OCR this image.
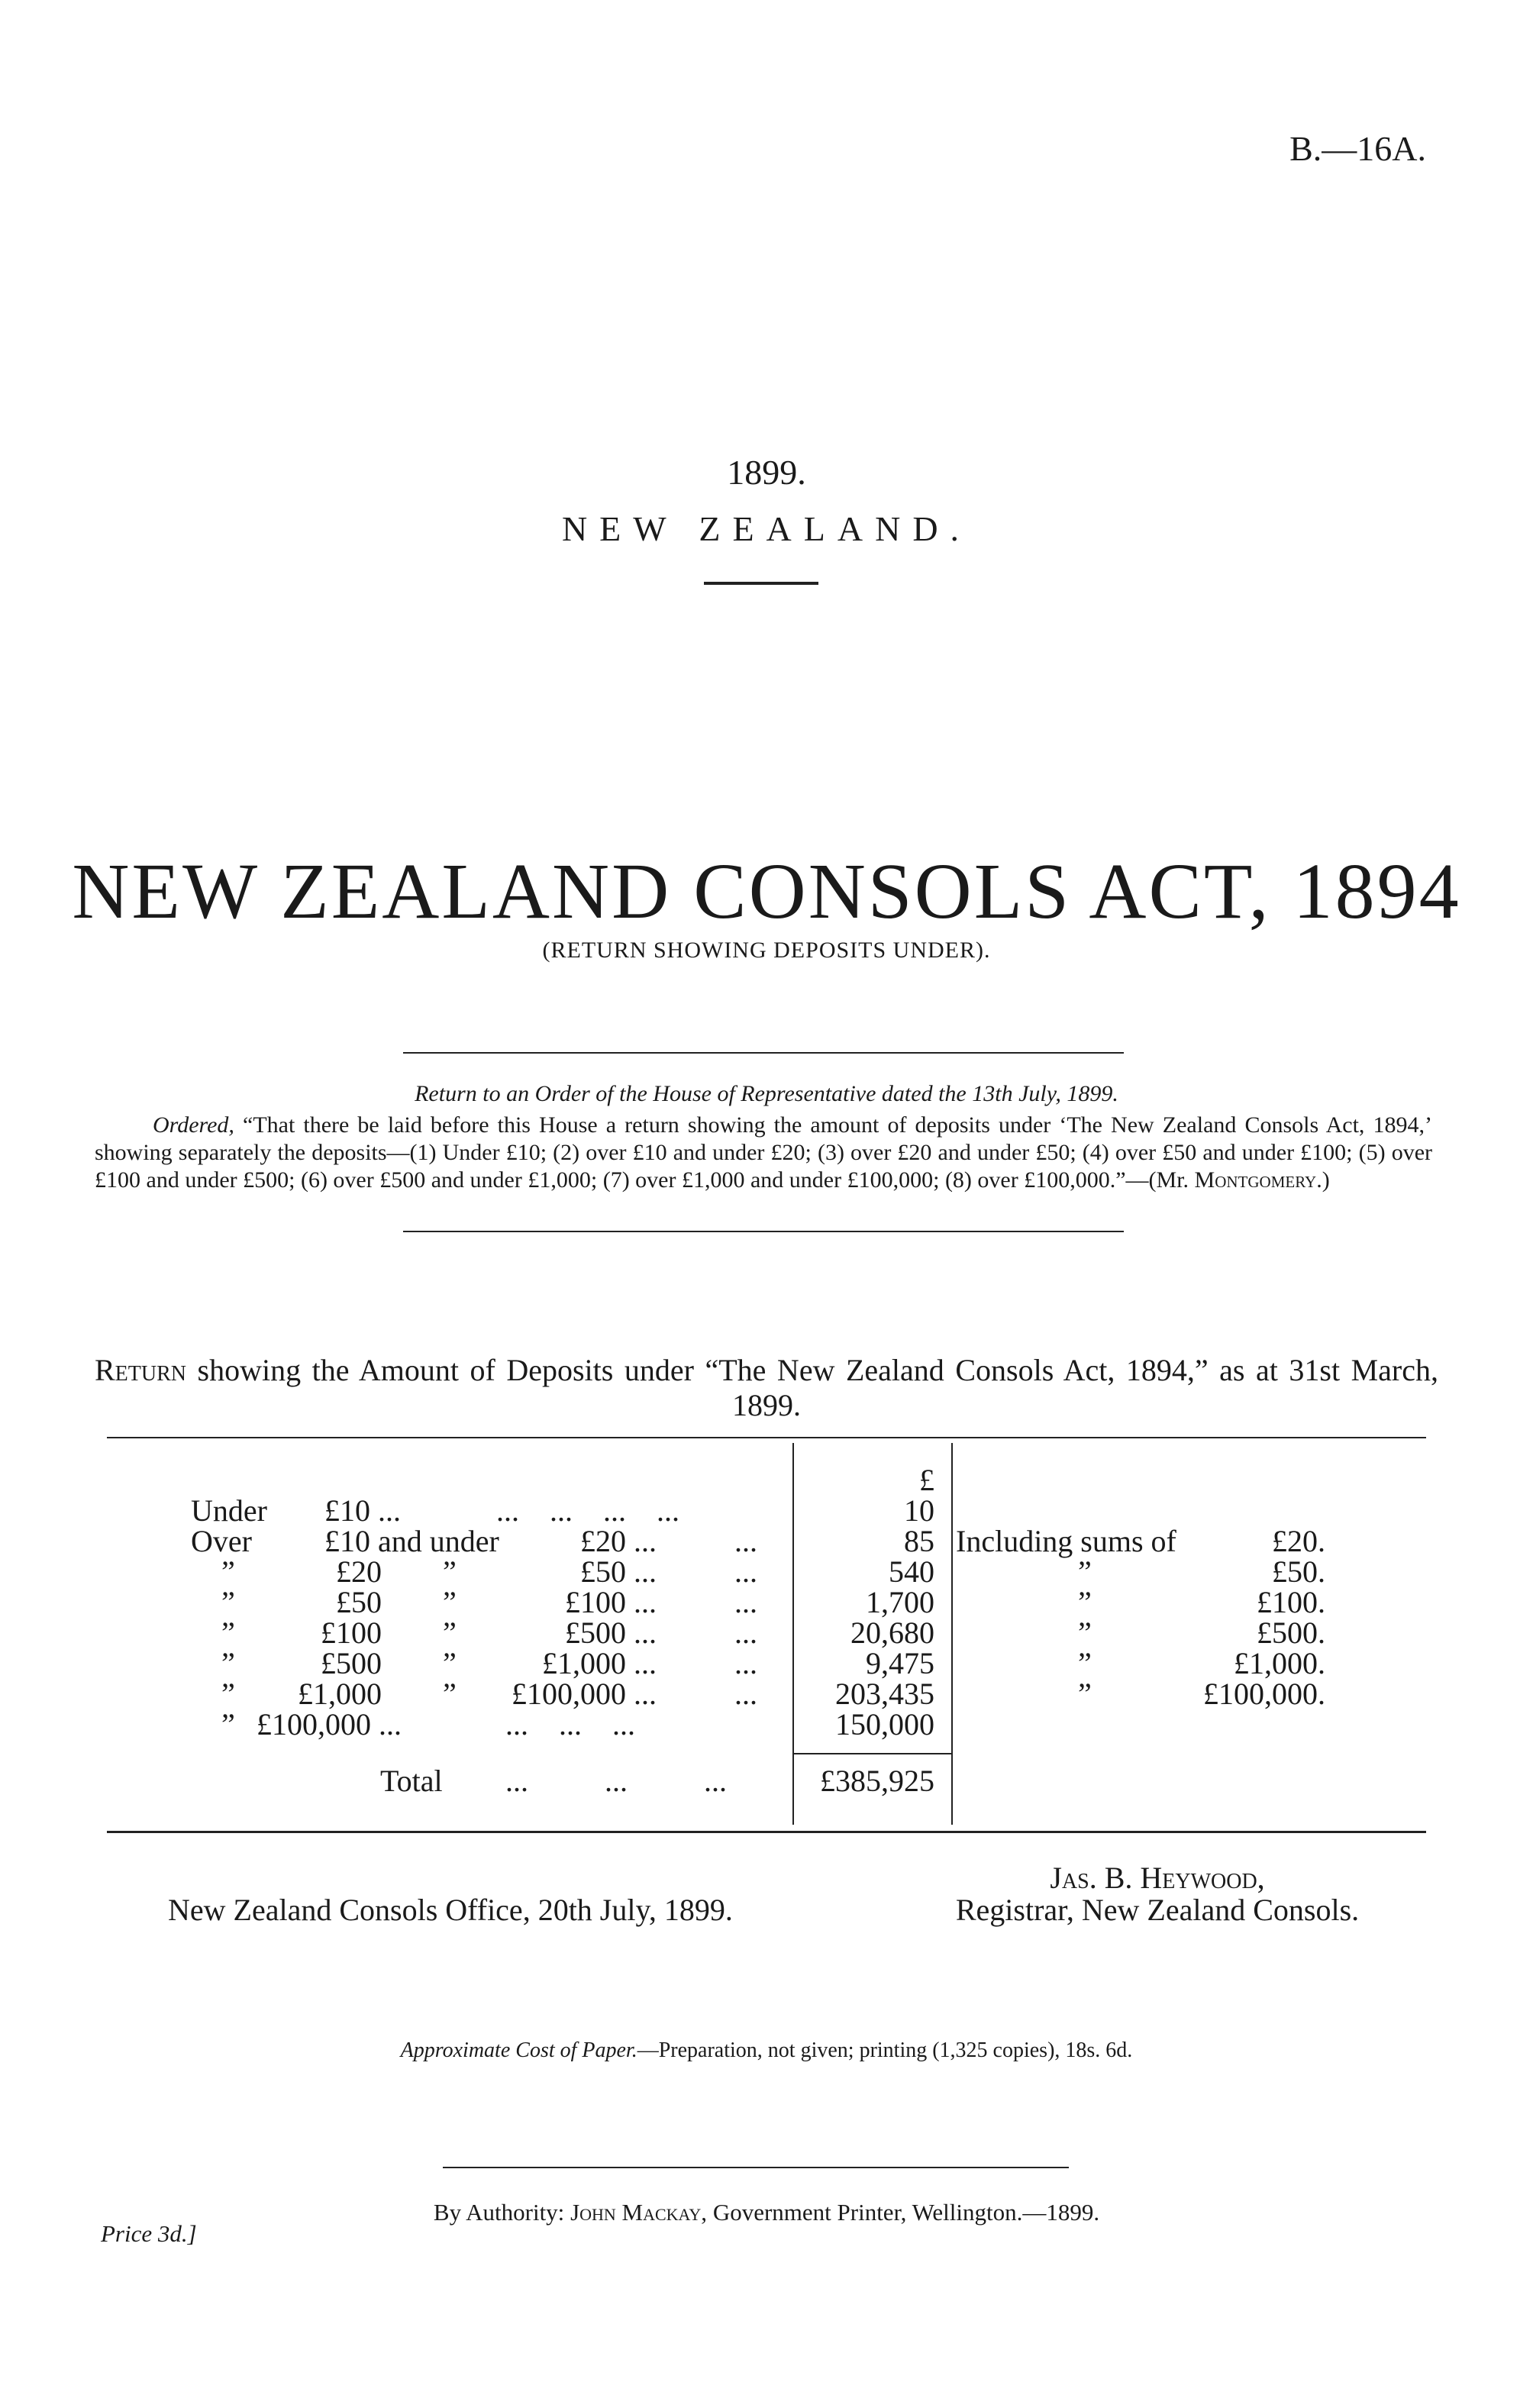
B.—16A.
1899.
NEW ZEALAND.
NEW ZEALAND CONSOLS ACT, 1894
(RETURN SHOWING DEPOSITS UNDER).
Return to an Order of the House of Representative dated the 13th July, 1899.
Ordered, “That there be laid before this House a return showing the amount of deposits under ‘The New Zealand Consols Act, 1894,’ showing separately the deposits—(1) Under £10; (2) over £10 and under £20; (3) over £20 and under £50; (4) over £50 and under £100; (5) over £100 and under £500; (6) over £500 and under £1,000; (7) over £1,000 and under £100,000; (8) over £100,000.”—(Mr. Montgomery.)
Return showing the Amount of Deposits under “The New Zealand Consols Act, 1894,” as at 31st March, 1899.
£
Under £10 ...	...    ...    ...    ...	10
Over £10 and under	£20 ...	...	85 Including sums of	£20.
”	£20 ”	£50 ...	...	540	”	£50.
”	£50 ”	£100 ...	...	1,700	”	£100.
”	£100 ”	£500 ...	...	20,680	”	£500.
”	£500 ”	£1,000 ...	...	9,475	”	£1,000.
”	£1,000 ”	£100,000 ...	...	203,435	”	£100,000.
” £100,000 ...	...    ...    ...	150,000
Total ...          ...          ...	£385,925
New Zealand Consols Office, 20th July, 1899.
Jas. B. Heywood,
Registrar, New Zealand Consols.
Approximate Cost of Paper.—Preparation, not given; printing (1,325 copies), 18s. 6d.
By Authority: John Mackay, Government Printer, Wellington.—1899.
Price 3d.]
